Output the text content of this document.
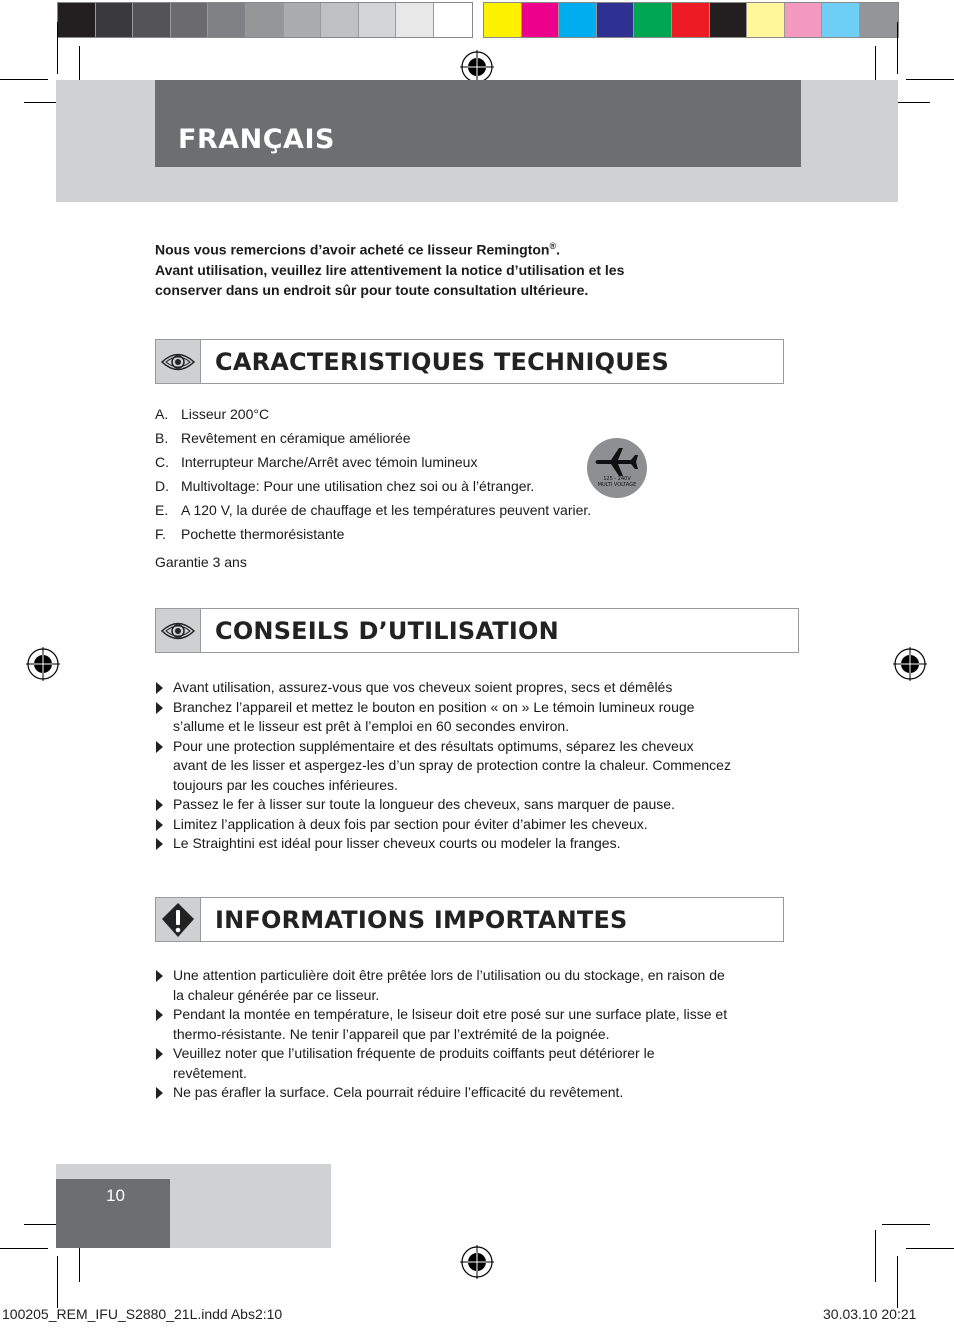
FRANÇAIS

Nous vous remercions d’avoir acheté ce lisseur Remington®.

Avant utilisation, veuillez lire attentivement la notice d’utilisation et les

conserver dans un endroit sûr pour toute consultation ultérieure.

CARACTERISTIQUES TECHNIQUES
A. Lisseur 200°C
B. Revêtement en céramique améliorée
C. Interrupteur Marche/Arrêt avec témoin lumineux
D. Multivoltage: Pour une utilisation chez soi ou à l’étranger.
E. A 120 V, la durée de chauffage et les températures peuvent varier.
F.	Pochette thermorésistante
125 - 240V
MULTI VOLTAGE
Garantie 3 ans
CONSEILS D’UTILISATION
Avant utilisation, assurez-vous que vos cheveux soient propres, secs et démêlés
Branchez l’appareil et mettez le bouton en position « on » Le témoin lumineux rouge
s’allume et le lisseur est prêt à l’emploi en 60 secondes environ.
Pour une protection supplémentaire et des résultats optimums, séparez les cheveux
avant de les lisser et aspergez-les d’un spray de protection contre la chaleur. Commencez
toujours par les couches inférieures.
Passez le fer à lisser sur toute la longueur des cheveux, sans marquer de pause.
Limitez l’application à deux fois par section pour éviter d’abimer les cheveux.
Le Straightini est idéal pour lisser cheveux courts ou modeler la franges.
INFORMATIONS IMPORTANTES
Une attention particulière doit être prêtée lors de l’utilisation ou du stockage, en raison de
la chaleur générée par ce lisseur.
Pendant la montée en température, le lsiseur doit etre posé sur une surface plate, lisse et
thermo-résistante. Ne tenir l’appareil que par l’extrémité de la poignée.
Veuillez noter que l’utilisation fréquente de produits coiffants peut détériorer le
revêtement.
Ne pas érafler la surface. Cela pourrait réduire l’efficacité du revêtement.
10
100205_REM_IFU_S2880_21L.indd Abs2:10	30.03.10 20:21
